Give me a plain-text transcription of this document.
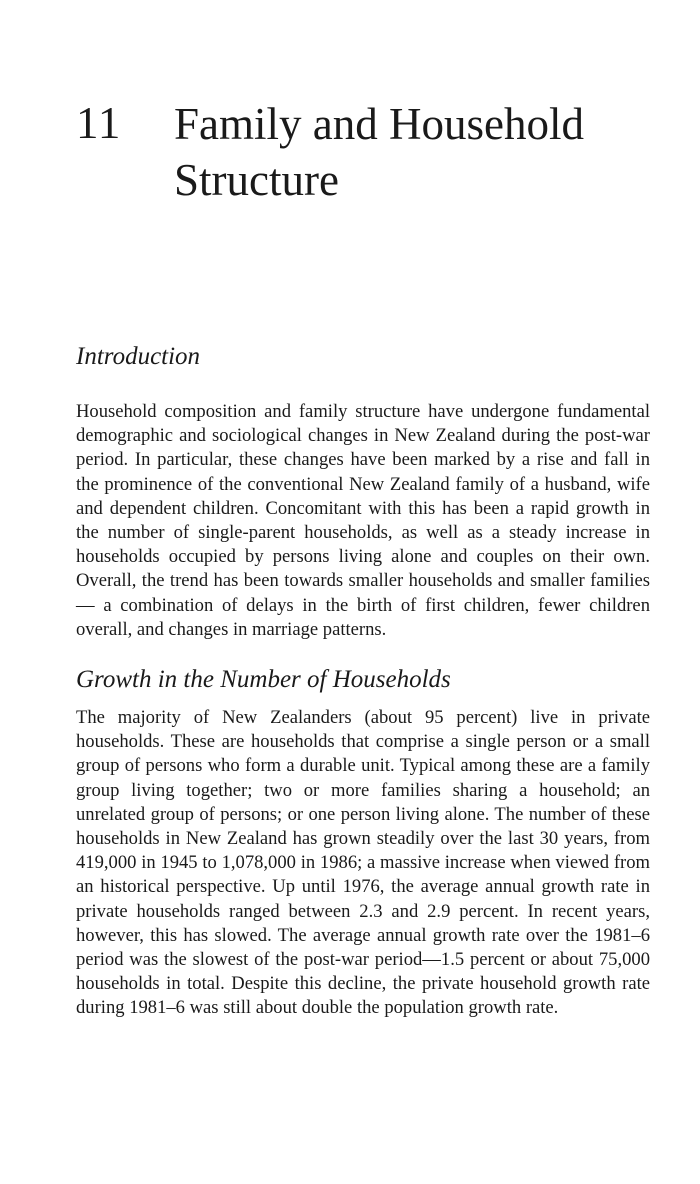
11 Family and Household Structure
Introduction

Household composition and family structure have undergone fundamental demographic and sociological changes in New Zealand during the post-war period. In particular, these changes have been marked by a rise and fall in the prominence of the conventional New Zealand family of a husband, wife and dependent children. Concomitant with this has been a rapid growth in the number of single-parent households, as well as a steady increase in households occupied by persons living alone and couples on their own. Overall, the trend has been towards smaller households and smaller families— a combination of delays in the birth of first children, fewer children overall, and changes in marriage patterns.

Growth in the Number of Households

The majority of New Zealanders (about 95 percent) live in private households. These are households that comprise a single person or a small group of persons who form a durable unit. Typical among these are a family group living together; two or more families sharing a household; an unrelated group of persons; or one person living alone. The number of these households in New Zealand has grown steadily over the last 30 years, from 419,000 in 1945 to 1,078,000 in 1986; a massive increase when viewed from an historical perspective. Up until 1976, the average annual growth rate in private households ranged between 2.3 and 2.9 percent. In recent years, however, this has slowed. The average annual growth rate over the 1981–6 period was the slowest of the post-war period—1.5 percent or about 75,000 households in total. Despite this decline, the private household growth rate during 1981–6 was still about double the population growth rate.
